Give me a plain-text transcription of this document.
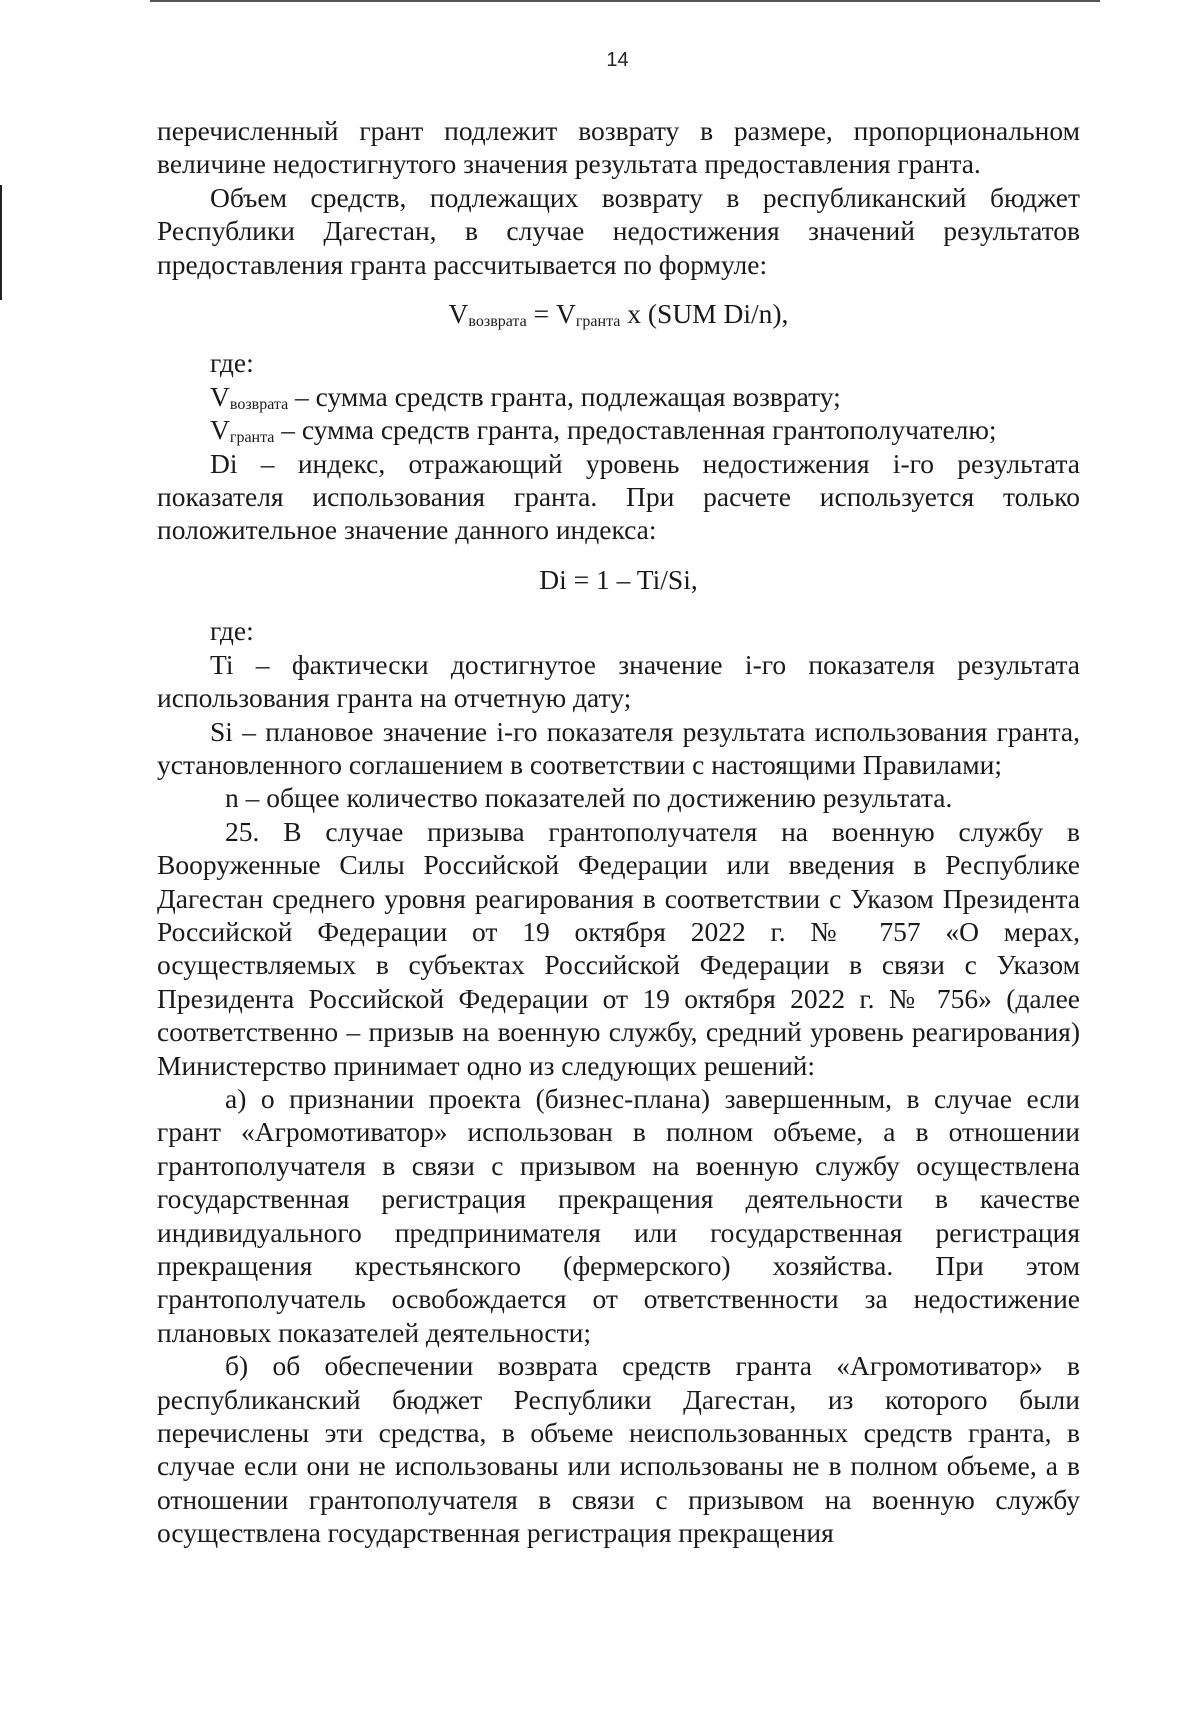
14

перечисленный грант подлежит возврату в размере, пропорциональном величине недостигнутого значения результата предоставления гранта.

Объем средств, подлежащих возврату в республиканский бюджет Республики Дагестан, в случае недостижения значений результатов предоставления гранта рассчитывается по формуле:

$V_{возврата} = V_{гранта}$ x (SUM Di/n),

где:

$V_{возврата}$ – сумма средств гранта, подлежащая возврату;

$V_{гранта}$ – сумма средств гранта, предоставленная грантополучателю;

Di – индекс, отражающий уровень недостижения i-го результата показателя использования гранта. При расчете используется только положительное значение данного индекса:

Di = 1 – Ti/Si,

где:

Ti – фактически достигнутое значение i-го показателя результата использования гранта на отчетную дату;

Si – плановое значение i-го показателя результата использования гранта, установленного соглашением в соответствии с настоящими Правилами;

n – общее количество показателей по достижению результата.

25. В случае призыва грантополучателя на военную службу в Вооруженные Силы Российской Федерации или введения в Республике Дагестан среднего уровня реагирования в соответствии с Указом Президента Российской Федерации от 19 октября 2022 г. № 757 «О мерах, осуществляемых в субъектах Российской Федерации в связи с Указом Президента Российской Федерации от 19 октября 2022 г. № 756» (далее соответственно – призыв на военную службу, средний уровень реагирования) Министерство принимает одно из следующих решений:

а) о признании проекта (бизнес-плана) завершенным, в случае если грант «Агромотиватор» использован в полном объеме, а в отношении грантополучателя в связи с призывом на военную службу осуществлена государственная регистрация прекращения деятельности в качестве индивидуального предпринимателя или государственная регистрация прекращения крестьянского (фермерского) хозяйства. При этом грантополучатель освобождается от ответственности за недостижение плановых показателей деятельности;

б) об обеспечении возврата средств гранта «Агромотиватор» в республиканский бюджет Республики Дагестан, из которого были перечислены эти средства, в объеме неиспользованных средств гранта, в случае если они не использованы или использованы не в полном объеме, а в отношении грантополучателя в связи с призывом на военную службу осуществлена государственная регистрация прекращения
